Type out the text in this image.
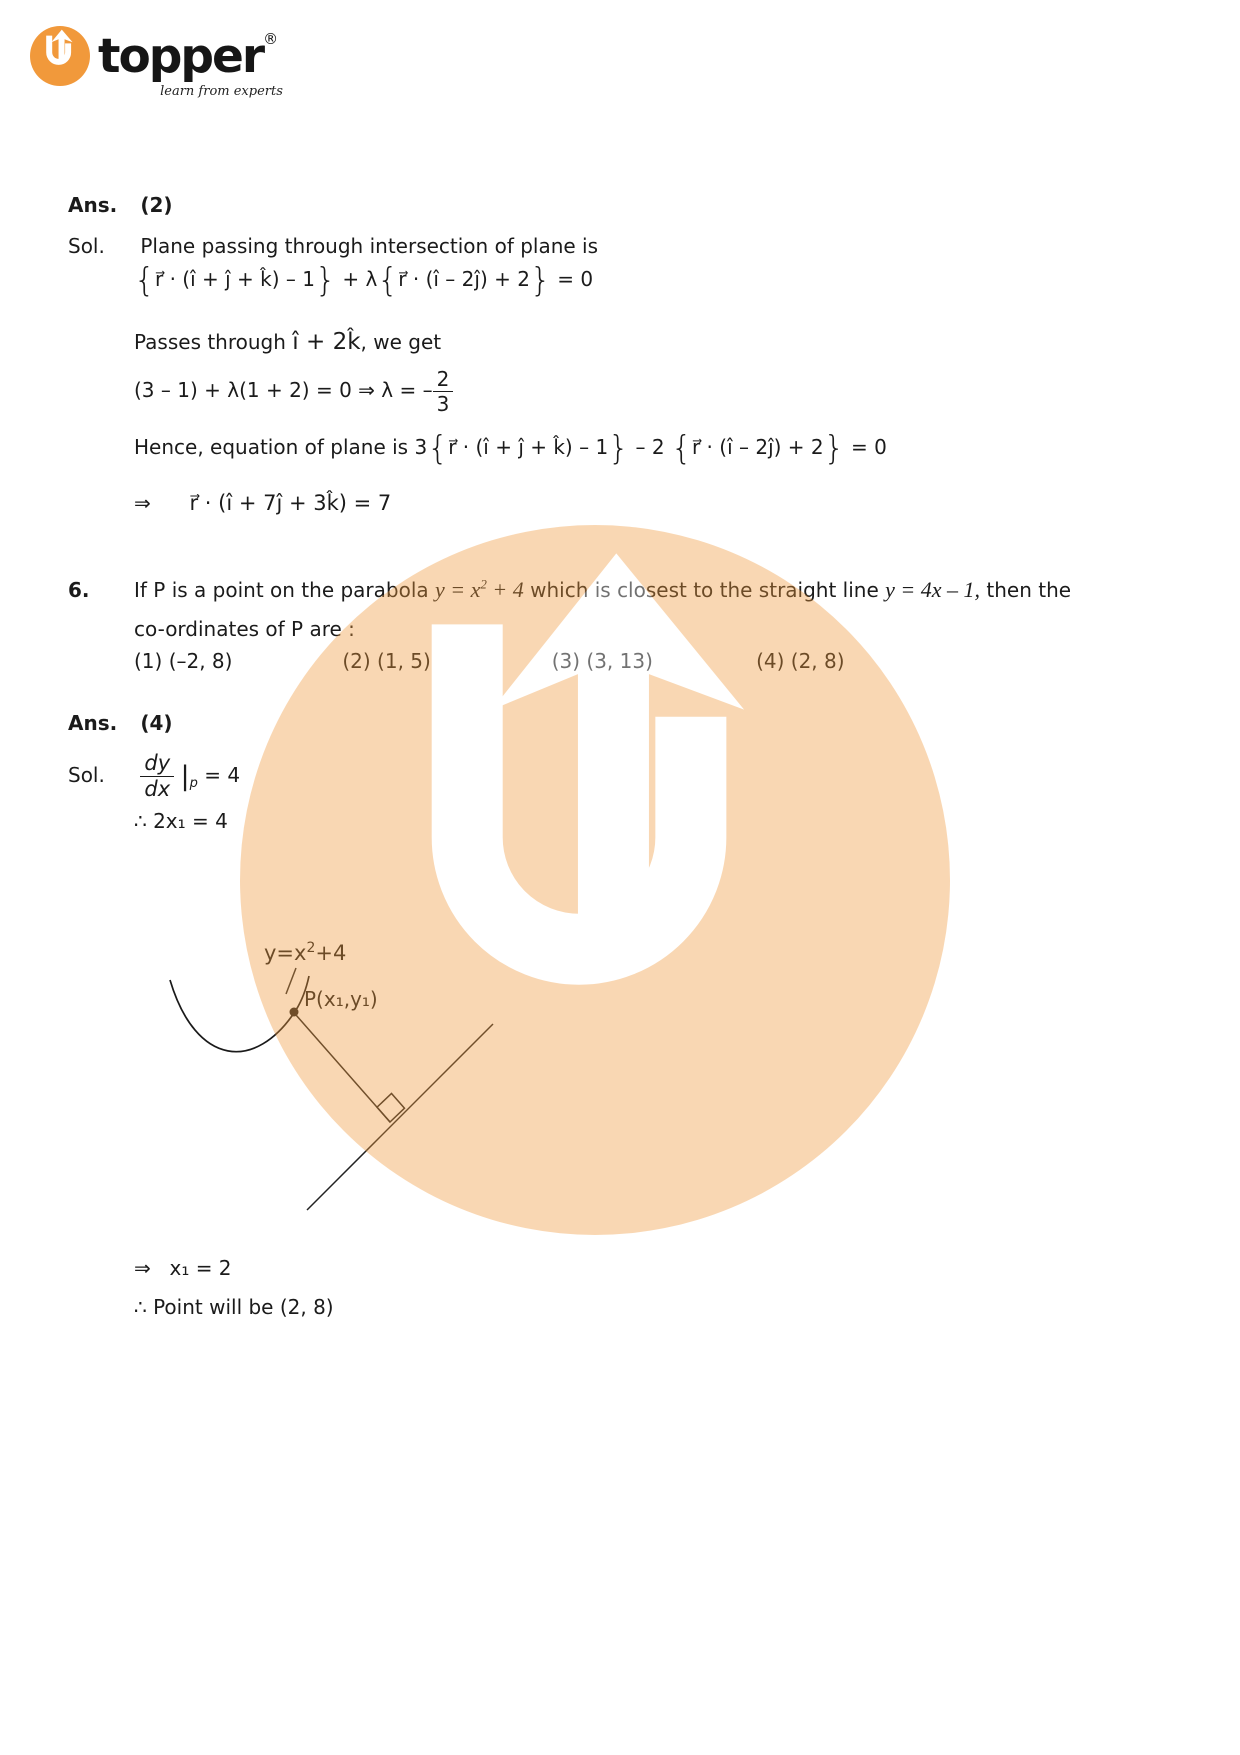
topper®
learn from experts
Ans. (2)
Sol. Plane passing through intersection of plane is
{r⃗ · (î + ĵ + k̂) – 1} + λ{r⃗ · (î – 2ĵ) + 2} = 0
Passes through î + 2k̂, we get
(3 – 1) + λ(1 + 2) = 0 ⇒ λ = – $\frac{2}{3}$
Hence, equation of plane is 3{r⃗ · (î + ĵ + k̂) – 1} – 2 {r⃗ · (î – 2ĵ) + 2} = 0
⇒ r⃗ · (î + 7ĵ + 3k̂) = 7
6. If P is a point on the parabola $y = x^2 + 4$ which is closest to the straight line y = 4x – 1, then the
co-ordinates of P are :
(1) (–2, 8)	(2) (1, 5)	(3) (3, 13)	(4) (2, 8)
Ans. (4)
Sol. $\frac{dy}{dx} |_p = 4$
∴ 2x₁ = 4
$y=x^2+4$
P(x₁,y₁)
⇒ x₁ = 2
∴ Point will be (2, 8)
